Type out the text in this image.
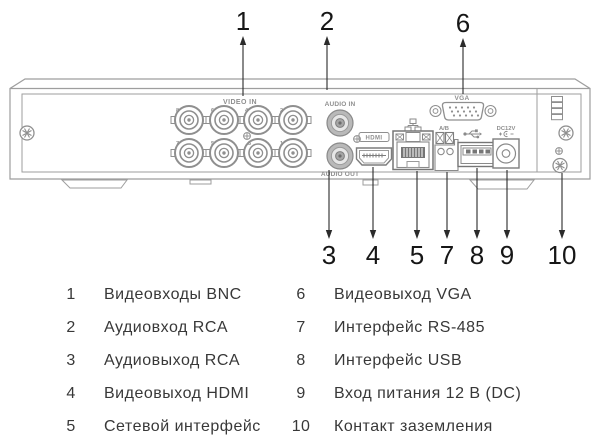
VIDEO IN
8	6	4	2
7	5	3	1
AUDIO IN
AUDIO OUT
HDMI
A/B	DC12V
VGA
1	2	6
3 4 5 7 8 9 10
1	Видеовходы BNC
2	Аудиовход RCA
3	Аудиовыход RCA
4	Видеовыход HDMI
5	Сетевой интерфейс
6	Видеовыход VGA
7	Интерфейс RS-485
8	Интерфейс USB
9	Вход питания 12 В (DC)
10 Контакт заземления
